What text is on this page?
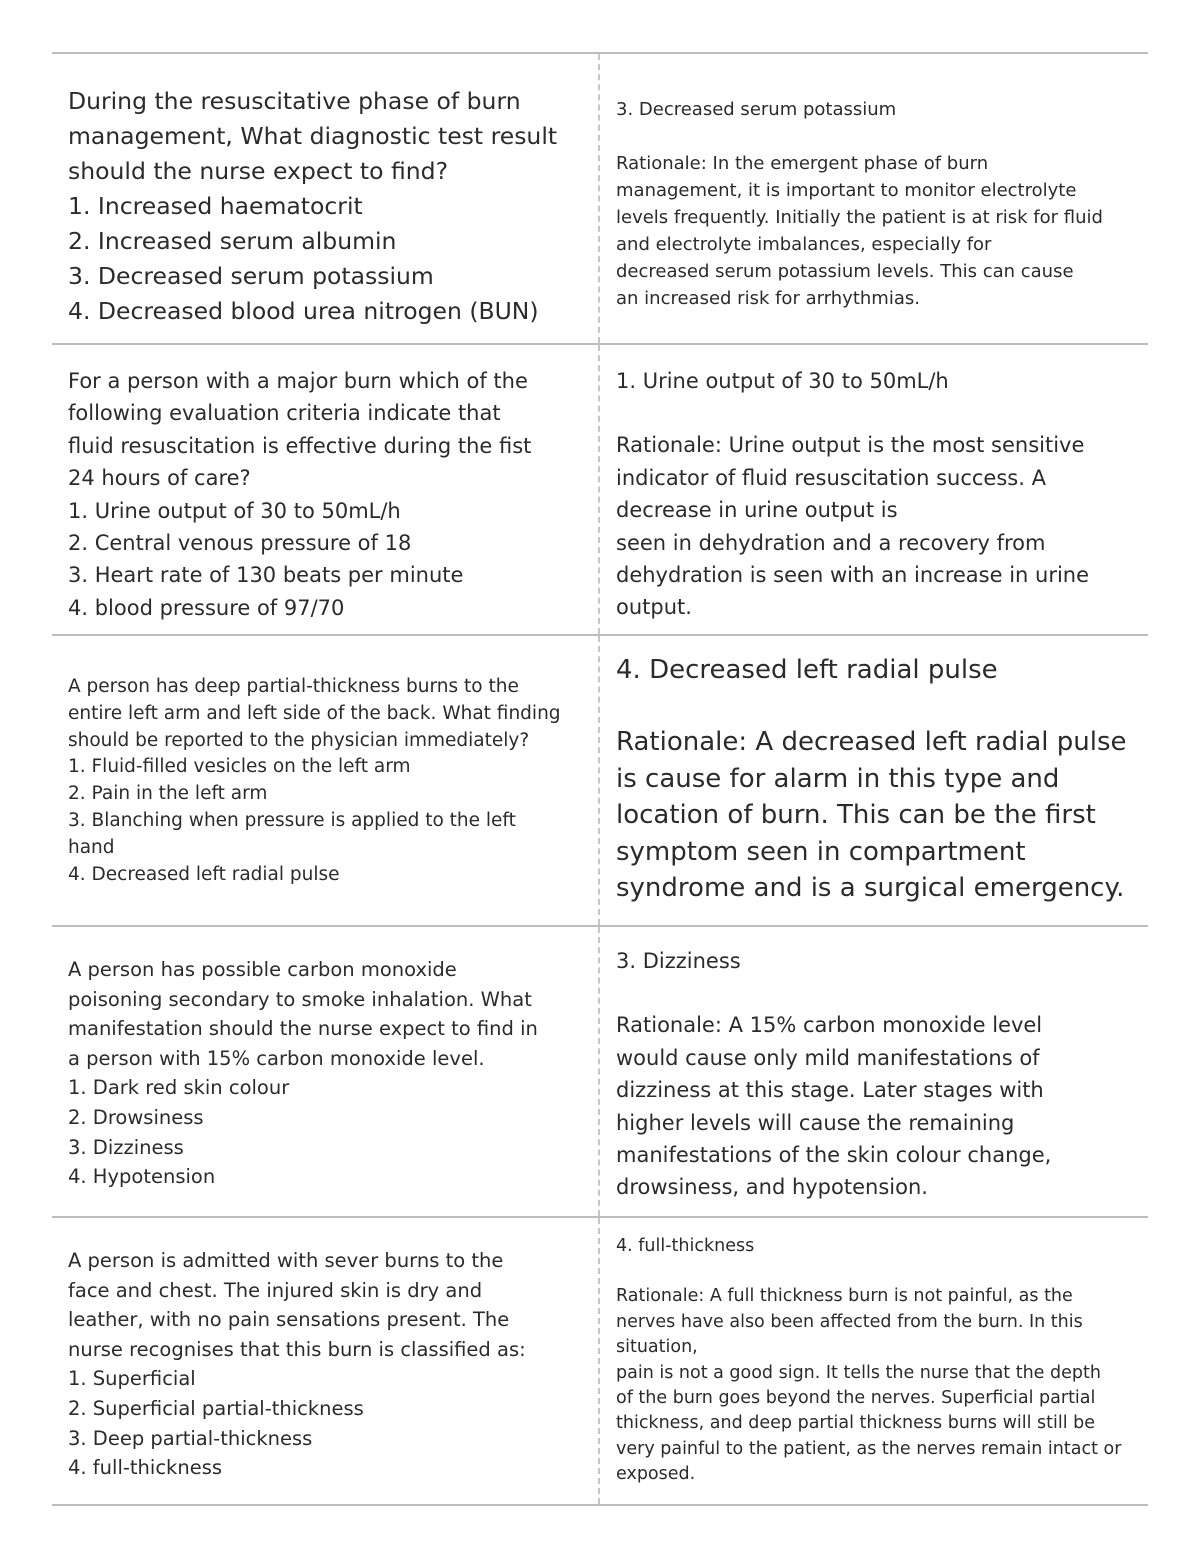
During the resuscitative phase of burn
management, What diagnostic test result
should the nurse expect to find?
1. Increased haematocrit
2. Increased serum albumin
3. Decreased serum potassium
4. Decreased blood urea nitrogen (BUN)
3. Decreased serum potassium
Rationale: In the emergent phase of burn
management, it is important to monitor electrolyte
levels frequently. Initially the patient is at risk for fluid
and electrolyte imbalances, especially for
decreased serum potassium levels. This can cause
an increased risk for arrhythmias.
For a person with a major burn which of the
following evaluation criteria indicate that
fluid resuscitation is effective during the fist
24 hours of care?
1. Urine output of 30 to 50mL/h
2. Central venous pressure of 18
3. Heart rate of 130 beats per minute
4. blood pressure of 97/70
1. Urine output of 30 to 50mL/h
Rationale: Urine output is the most sensitive
indicator of fluid resuscitation success. A
decrease in urine output is
seen in dehydration and a recovery from
dehydration is seen with an increase in urine
output.
A person has deep partial-thickness burns to the
entire left arm and left side of the back. What finding
should be reported to the physician immediately?
1. Fluid-filled vesicles on the left arm
2. Pain in the left arm
3. Blanching when pressure is applied to the left
hand
4. Decreased left radial pulse
4. Decreased left radial pulse
Rationale: A decreased left radial pulse
is cause for alarm in this type and
location of burn. This can be the first
symptom seen in compartment
syndrome and is a surgical emergency.
A person has possible carbon monoxide
poisoning secondary to smoke inhalation. What
manifestation should the nurse expect to find in
a person with 15% carbon monoxide level.
1. Dark red skin colour
2. Drowsiness
3. Dizziness
4. Hypotension
3. Dizziness
Rationale: A 15% carbon monoxide level
would cause only mild manifestations of
dizziness at this stage. Later stages with
higher levels will cause the remaining
manifestations of the skin colour change,
drowsiness, and hypotension.
A person is admitted with sever burns to the
face and chest. The injured skin is dry and
leather, with no pain sensations present. The
nurse recognises that this burn is classified as:
1. Superficial
2. Superficial partial-thickness
3. Deep partial-thickness
4. full-thickness
4. full-thickness
Rationale: A full thickness burn is not painful, as the
nerves have also been affected from the burn. In this
situation,
pain is not a good sign. It tells the nurse that the depth
of the burn goes beyond the nerves. Superficial partial
thickness, and deep partial thickness burns will still be
very painful to the patient, as the nerves remain intact or
exposed.
